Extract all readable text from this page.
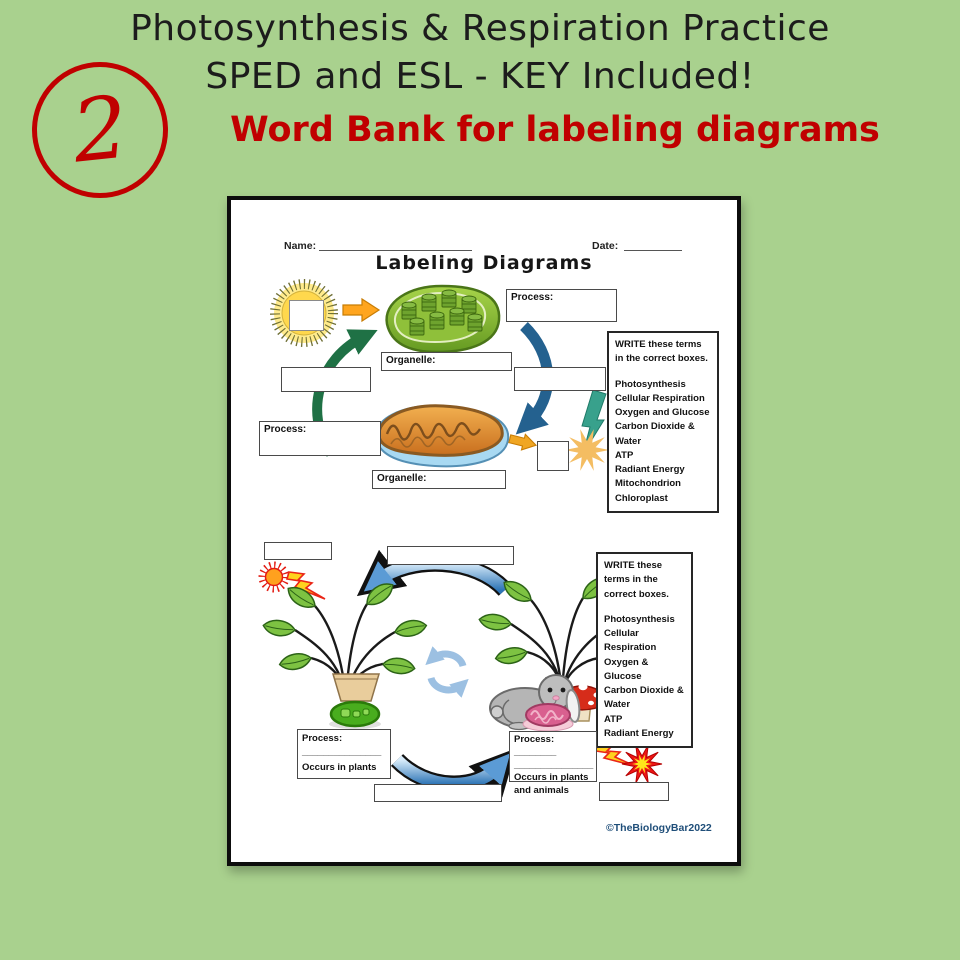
Photosynthesis & Respiration Practice
SPED and ESL - KEY Included!
2	Word Bank for labeling diagrams
Name:	Date:
Labeling Diagrams
Process:
Organelle:
Process:
Organelle:
WRITE these terms in the correct boxes.
Photosynthesis
Cellular Respiration
Oxygen and Glucose
Carbon Dioxide & Water
ATP
Radiant Energy
Mitochondrion
Chloroplast
WRITE these terms in the correct boxes.
Photosynthesis
Cellular Respiration
Oxygen & Glucose
Carbon Dioxide & Water
ATP
Radiant Energy
Process:
_______________
Occurs in plants
Process: ________
_______________
Occurs in plants
and animals
©TheBiologyBar2022
